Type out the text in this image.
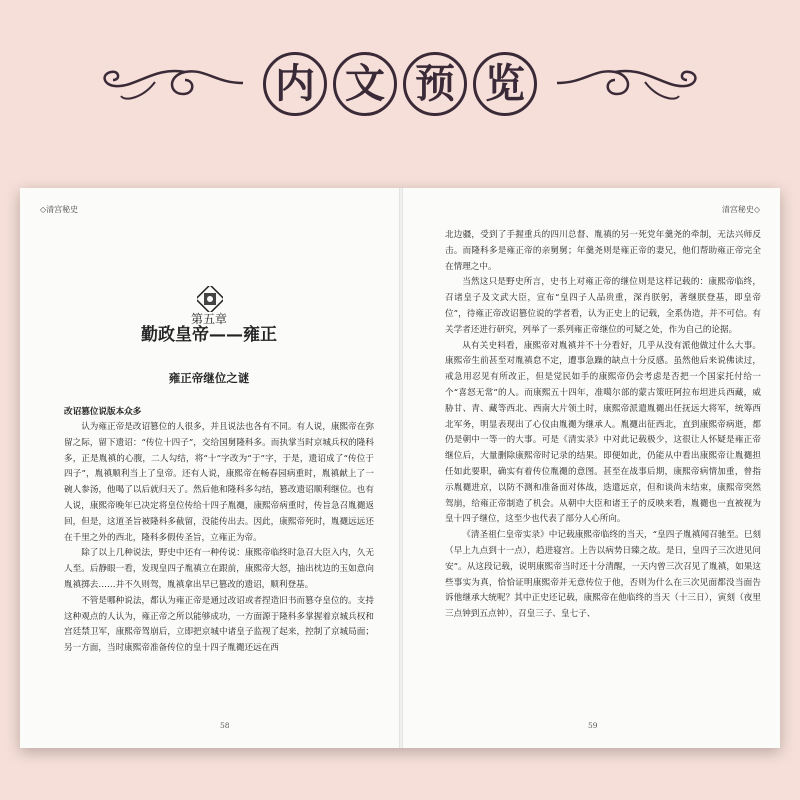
内 文 预 览
◇清宫秘史
第五章
勤政皇帝——雍正
雍正帝继位之谜
改诏篡位说版本众多

认为雍正帝是改诏篡位的人很多，并且说法也各有不同。有人说，康熙帝在弥留之际，留下遗诏：“传位十四子”，交给国舅隆科多。而执掌当时京城兵权的隆科多，正是胤禛的心腹，二人勾结，将“十”字改为“于”字，于是，遗诏成了“传位于四子”，胤禛顺利当上了皇帝。还有人说，康熙帝在畅春园病重时，胤禛献上了一碗人参汤，他喝了以后就归天了。然后他和隆科多勾结，篡改遗诏顺利继位。也有人说，康熙帝晚年已决定将皇位传给十四子胤禵，康熙帝病重时，传旨急召胤禵返回，但是，这道圣旨被隆科多截留，没能传出去。因此，康熙帝死时，胤禵远远还在千里之外的西北，隆科多假传圣旨，立雍正为帝。

除了以上几种说法，野史中还有一种传说：康熙帝临终时急召大臣入内，久无人至。后静眼一看，发现皇四子胤禛立在跟前，康熙帝大怒，抽出枕边的玉如意向胤禛掷去……并不久则驾，胤禛拿出早已篡改的遗诏，顺利登基。

不管是哪种说法，都认为雍正帝是通过改诏或者捏造旧书而篡夺皇位的。支持这种观点的人认为，雍正帝之所以能够成功，一方面源于隆科多掌握着京城兵权和宫廷禁卫军，康熙帝驾崩后，立即把京城中诸皇子监视了起来，控制了京城局面；另一方面，当时康熙帝准备传位的皇十四子胤禵还远在西

58
清宫秘史◇

北边疆，受到了手握重兵的四川总督、胤禛的另一死党年羹尧的牵制，无法兴师反击。而隆科多是雍正帝的亲舅舅；年羹尧则是雍正帝的妻兄，他们帮助雍正帝完全在情理之中。

当然这只是野史所言，史书上对雍正帝的继位则是这样记载的：康熙帝临终，召诸皇子及文武大臣，宣布“皇四子人品贵重，深肖朕躬，著继朕登基，即皇帝位”，待雍正帝改诏篡位说的学者看，认为正史上的记载，全系伪造，并不可信。有关学者还进行研究，列举了一系列雍正帝继位的可疑之处，作为自己的论据。

从有关史料看，康熙帝对胤禛并不十分看好，几乎从没有派他做过什么大事。康熙帝生前甚至对胤禛怠不定，遭事急躁的缺点十分反感。虽然他后来说佛读过，戒急用忍见有所改正，但是觉民如手的康熙帝仍会考虑是否把一个国家托付给一个“喜怒无常”的人。而康熙五十四年，准噶尔部的蒙古策旺阿拉布坦进兵西藏，威胁甘、青、藏等西北、西南大片领土时，康熙帝派遣胤禵出任抚远大将军，统筹西北军务，明显表现出了心仪由胤禵为继承人。胤禵出征西北，直到康熙帝病逝，都仍是朝中一等一的大事。可是《清实录》中对此记载极少，这很让人怀疑是雍正帝继位后，大量删除康熙帝时记录的结果。即便如此，仍能从中看出康熙帝让胤禵担任如此要职，确实有着传位胤禵的意图。甚至在战事后期，康熙帝病情加重，曾指示胤禵进京，以防不测和准备面对体战，迭遣远京，但和谈尚未结束，康熙帝突然驾崩，给雍正帝制造了机会。从朝中大臣和诸王子的反映来看，胤禵也一直被视为皇十四子继位，这至少也代表了部分人心所向。

《清圣祖仁皇帝实录》中记载康熙帝临终的当天，“皇四子胤禛闻召驰至。巳刻（早上九点到十一点），趋进寝宫。上告以病势日臻之故。是日，皇四子三次进见问安”。从这段记载，说明康熙帝当时还十分清醒，一天内曾三次召见了胤禛，如果这些事实为真，恰恰证明康熙帝并无意传位于他，否则为什么在三次见面都没当面告诉他继承大统呢？其中正史还记载，康熙帝在他临终的当天（十三日），寅刻（夜里三点钟到五点钟），召皇三子、皇七子、

59
